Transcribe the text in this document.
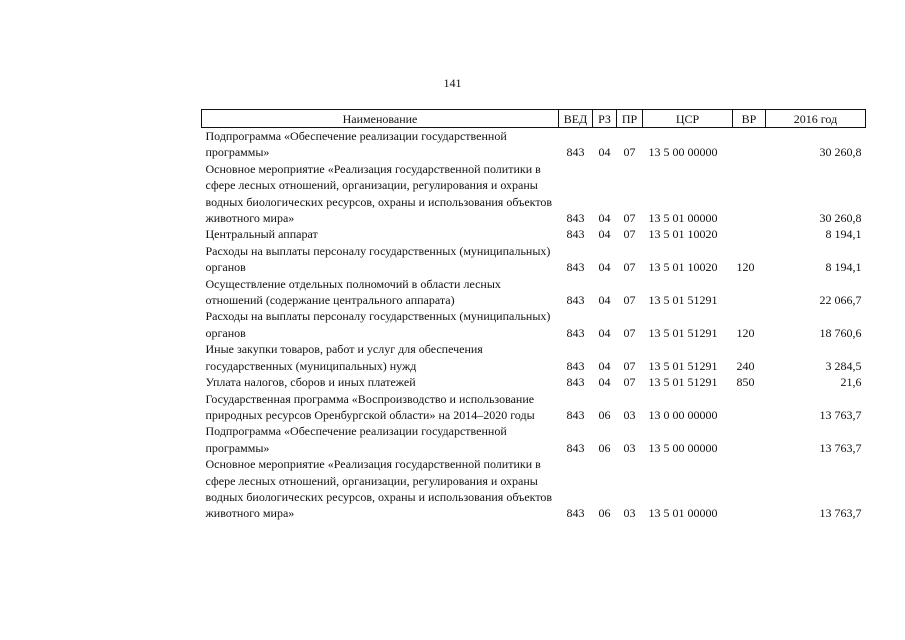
141
Наименование	ВЕД	РЗ	ПР	ЦСР	ВР	2016 год
Подпрограмма «Обеспечение реализации государственной программы»	843	04	07	13 5 00 00000		30 260,8
Основное мероприятие «Реализация государственной политики в сфере лесных отношений, организации, регулирования и охраны водных биологических ресурсов, охраны и использования объектов животного мира»	843	04	07	13 5 01 00000		30 260,8
Центральный аппарат	843	04	07	13 5 01 10020		8 194,1
Расходы на выплаты персоналу государственных (муниципальных) органов	843	04	07	13 5 01 10020	120	8 194,1
Осуществление отдельных полномочий в области лесных отношений (содержание центрального аппарата)	843	04	07	13 5 01 51291		22 066,7
Расходы на выплаты персоналу государственных (муниципальных) органов	843	04	07	13 5 01 51291	120	18 760,6
Иные закупки товаров, работ и услуг для обеспечения государственных (муниципальных) нужд	843	04	07	13 5 01 51291	240	3 284,5
Уплата налогов, сборов и иных платежей	843	04	07	13 5 01 51291	850	21,6
Государственная программа «Воспроизводство и использование природных ресурсов Оренбургской области» на 2014–2020 годы	843	06	03	13 0 00 00000		13 763,7
Подпрограмма «Обеспечение реализации государственной программы»	843	06	03	13 5 00 00000		13 763,7
Основное мероприятие «Реализация государственной политики в сфере лесных отношений, организации, регулирования и охраны водных биологических ресурсов, охраны и использования объектов животного мира»	843	06	03	13 5 01 00000		13 763,7
